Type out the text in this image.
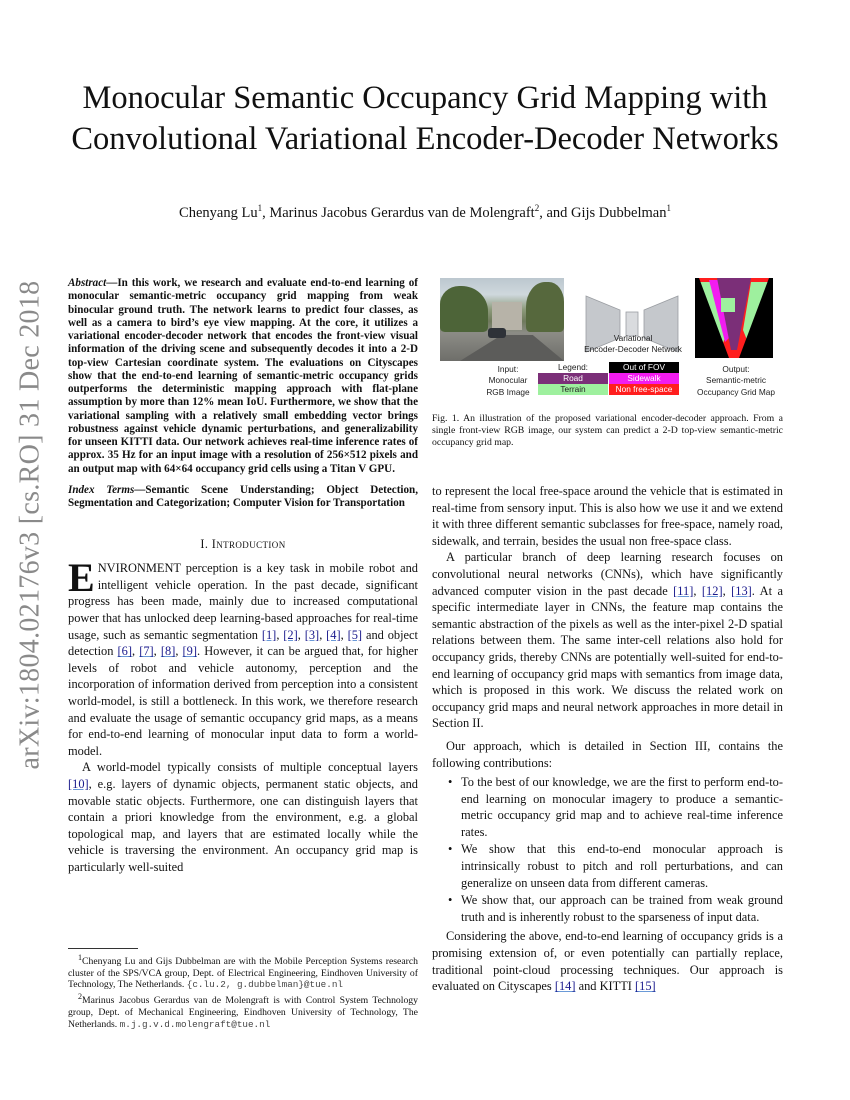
arXiv:1804.02176v3 [cs.RO] 31 Dec 2018
Monocular Semantic Occupancy Grid Mapping with Convolutional Variational Encoder-Decoder Networks
Chenyang Lu$^1$, Marinus Jacobus Gerardus van de Molengraft$^2$, and Gijs Dubbelman$^1$

Abstract—In this work, we research and evaluate end-to-end learning of monocular semantic-metric occupancy grid mapping from weak binocular ground truth. The network learns to predict four classes, as well as a camera to bird’s eye view mapping. At the core, it utilizes a variational encoder-decoder network that encodes the front-view visual information of the driving scene and subsequently decodes it into a 2-D top-view Cartesian coordinate system. The evaluations on Cityscapes show that the end-to-end learning of semantic-metric occupancy grids outperforms the deterministic mapping approach with flat-plane assumption by more than 12% mean IoU. Furthermore, we show that the variational sampling with a relatively small embedding vector brings robustness against vehicle dynamic perturbations, and generalizability for unseen KITTI data. Our network achieves real-time inference rates of approx. 35 Hz for an input image with a resolution of 256×512 pixels and an output map with 64×64 occupancy grid cells using a Titan V GPU.

Index Terms—Semantic Scene Understanding; Object Detection, Segmentation and Categorization; Computer Vision for Transportation

I. Introduction

ENVIRONMENT perception is a key task in mobile robot and intelligent vehicle operation. In the past decade, significant progress has been made, mainly due to increased computational power that has unlocked deep learning-based approaches for real-time usage, such as semantic segmentation [1], [2], [3], [4], [5] and object detection [6], [7], [8], [9]. However, it can be argued that, for higher levels of robot and vehicle autonomy, perception and the incorporation of information derived from perception into a consistent world-model, is still a bottleneck. In this work, we therefore research and evaluate the usage of semantic occupancy grid maps, as a means for end-to-end learning of monocular input data to form a world-model.

A world-model typically consists of multiple conceptual layers [10], e.g. layers of dynamic objects, permanent static objects, and movable static objects. Furthermore, one can distinguish layers that contain a priori knowledge from the environment, e.g. a global topological map, and layers that are estimated locally while the vehicle is traversing the environment. An occupancy grid map is particularly well-suited

$^1$Chenyang Lu and Gijs Dubbelman are with the Mobile Perception Systems research cluster of the SPS/VCA group, Dept. of Electrical Engineering, Eindhoven University of Technology, The Netherlands. {c.lu.2, g.dubbelman}@tue.nl

$^2$Marinus Jacobus Gerardus van de Molengraft is with Control System Technology group, Dept. of Mechanical Engineering, Eindhoven University of Technology, The Netherlands. m.j.g.v.d.molengraft@tue.nl

Variational
Encoder-Decoder Network
Input:
Monocular
RGB Image
Output:
Semantic-metric
Occupancy Grid Map
Legend:	Out of FOV
Road	Sidewalk
Terrain	Non free-space

Fig. 1. An illustration of the proposed variational encoder-decoder approach. From a single front-view RGB image, our system can predict a 2-D top-view semantic-metric occupancy grid map.

to represent the local free-space around the vehicle that is estimated in real-time from sensory input. This is also how we use it and we extend it with three different semantic subclasses for free-space, namely road, sidewalk, and terrain, besides the usual non free-space class.

A particular branch of deep learning research focuses on convolutional neural networks (CNNs), which have significantly advanced computer vision in the past decade [11], [12], [13]. At a specific intermediate layer in CNNs, the feature map contains the semantic abstraction of the pixels as well as the inter-pixel 2-D spatial relations between them. The same inter-cell relations also hold for occupancy grids, thereby CNNs are potentially well-suited for end-to-end learning of occupancy grid maps with semantics from image data, which is proposed in this work. We discuss the related work on occupancy grid maps and neural network approaches in more detail in Section II.

Our approach, which is detailed in Section III, contains the following contributions:

• To the best of our knowledge, we are the first to perform end-to-end learning on monocular imagery to produce a semantic-metric occupancy grid map and to achieve real-time inference rates.
• We show that this end-to-end monocular approach is intrinsically robust to pitch and roll perturbations, and can generalize on unseen data from different cameras.
• We show that, our approach can be trained from weak ground truth and is inherently robust to the sparseness of input data.

Considering the above, end-to-end learning of occupancy grids is a promising extension of, or even potentially can partially replace, traditional point-cloud processing techniques. Our approach is evaluated on Cityscapes [14] and KITTI [15]
